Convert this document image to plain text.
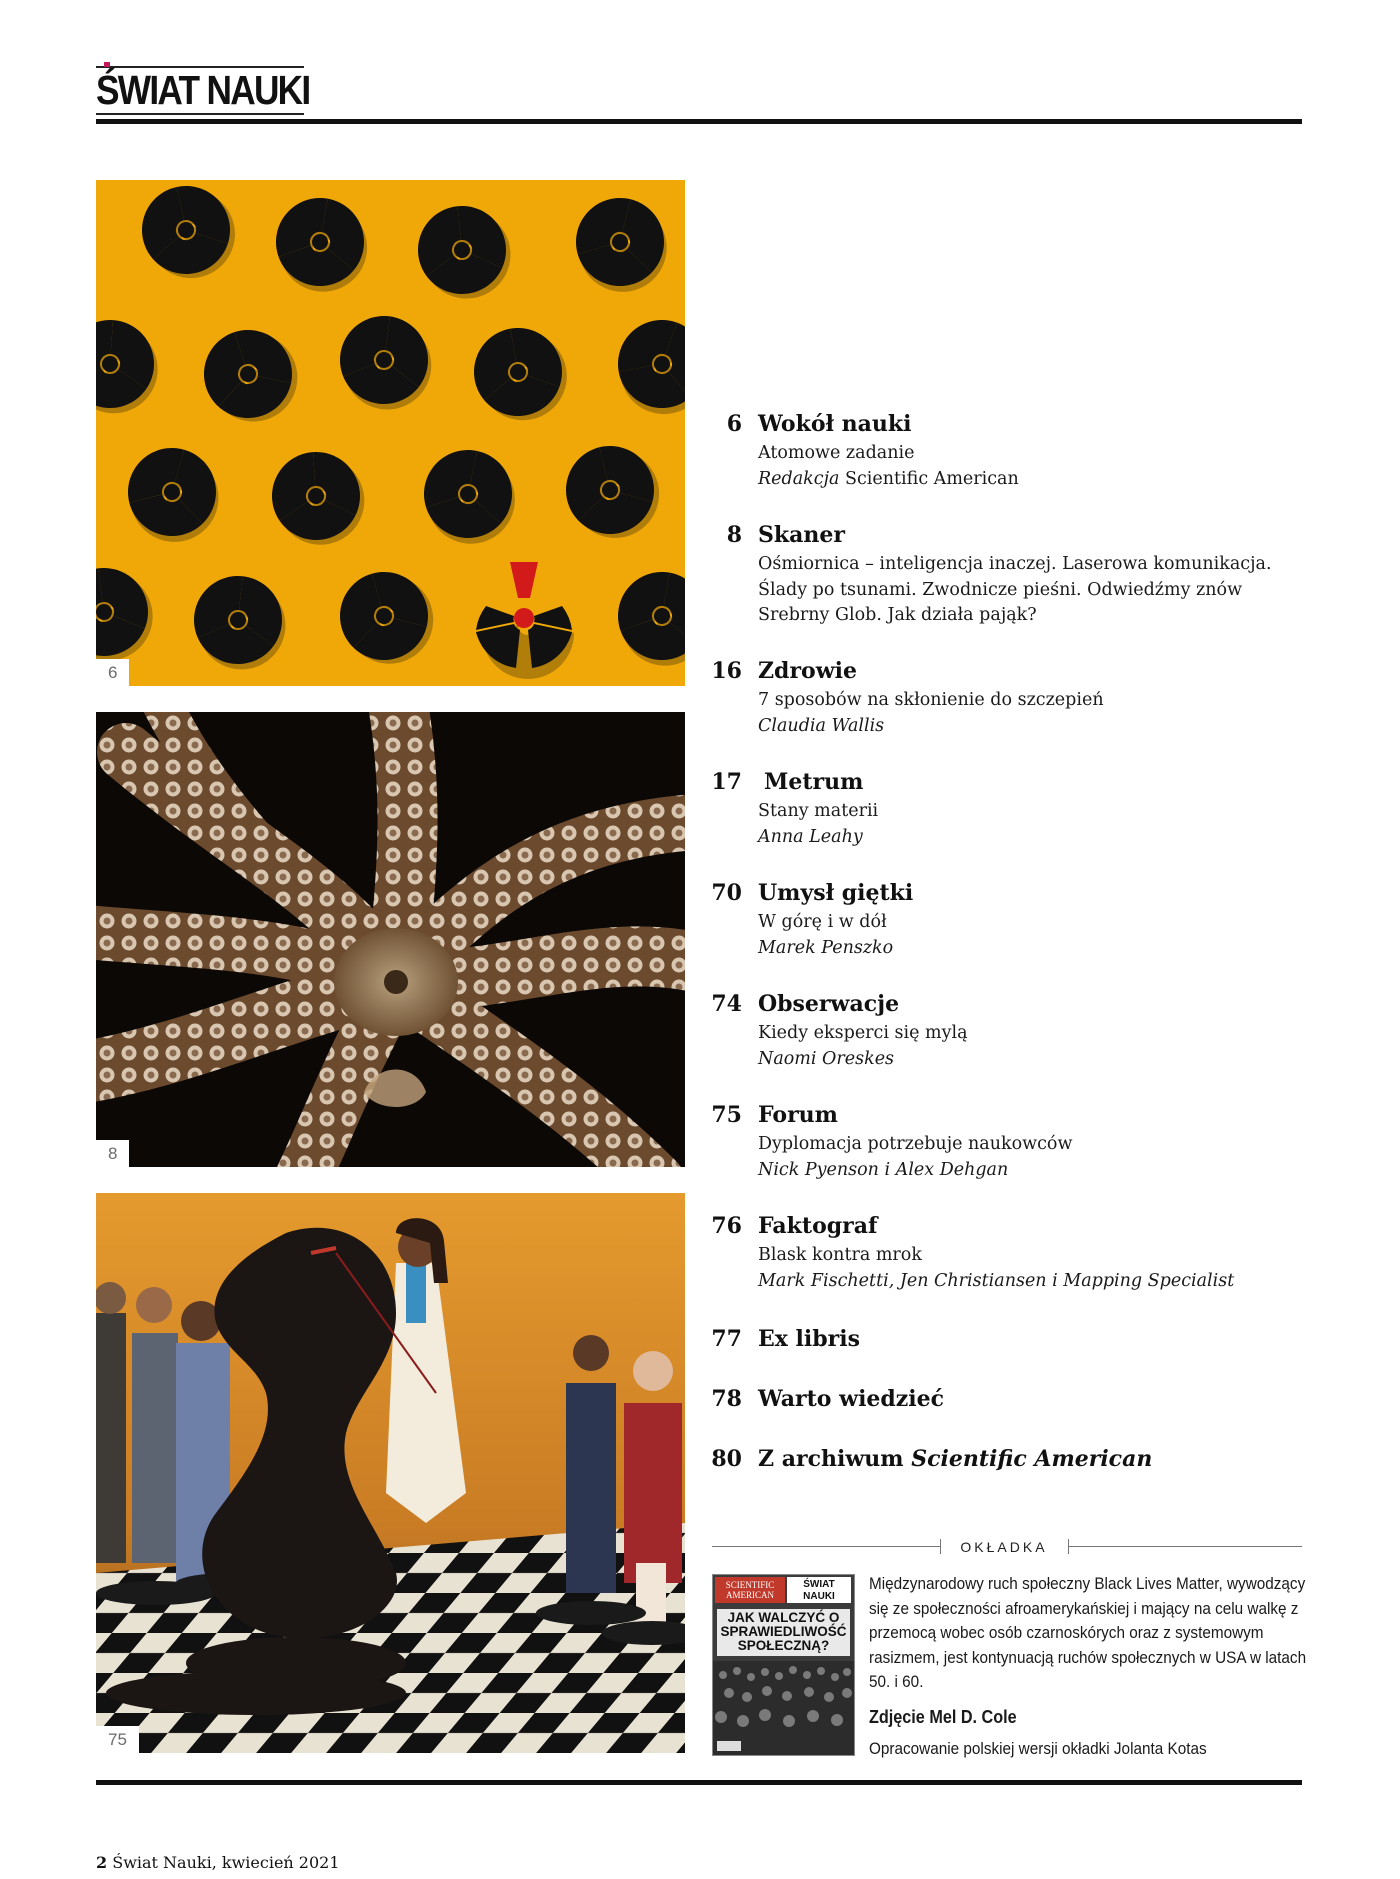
ŚWIAT NAUKI
6
8
75
6 Wokół nauki
Atomowe zadanie
Redakcja Scientific American
8 Skaner
Ośmiornica – inteligencja inaczej. Laserowa komunikacja. Ślady po tsunami. Zwodnicze pieśni. Odwiedźmy znów Srebrny Glob. Jak działa pająk?
16 Zdrowie
7 sposobów na skłonienie do szczepień
Claudia Wallis
17 Metrum
Stany materii
Anna Leahy
70 Umysł giętki
W górę i w dół
Marek Penszko
74 Obserwacje
Kiedy eksperci się mylą
Naomi Oreskes
75 Forum
Dyplomacja potrzebuje naukowców
Nick Pyenson i Alex Dehgan
76 Faktograf
Blask kontra mrok
Mark Fischetti, Jen Christiansen i Mapping Specialist
77 Ex libris
78 Warto wiedzieć
80 Z archiwum Scientific American
OKŁADKA
SCIENTIFIC AMERICAN
ŚWIAT NAUKI
JAK WALCZYĆ O SPRAWIEDLIWOŚĆ SPOŁECZNĄ?
Międzynarodowy ruch społeczny Black Lives Matter, wywodzący się ze społeczności afroamerykańskiej i mający na celu walkę z przemocą wobec osób czarnoskórych oraz z systemowym rasizmem, jest kontynuacją ruchów społecznych w USA w latach 50. i 60.
Zdjęcie Mel D. Cole
Opracowanie polskiej wersji okładki Jolanta Kotas
2 Świat Nauki, kwiecień 2021
